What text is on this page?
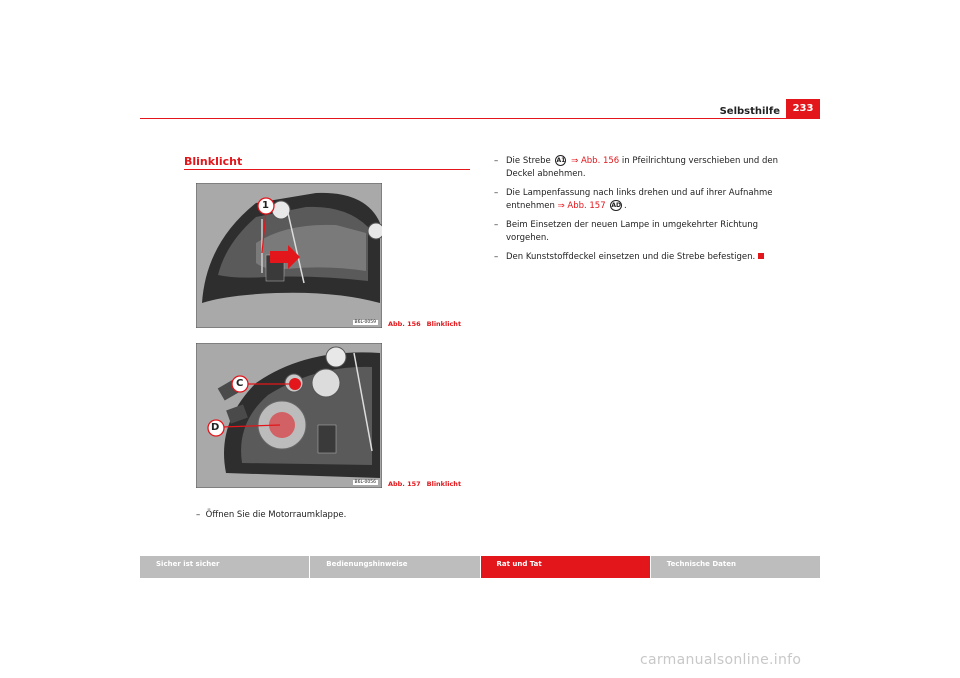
Selbsthilfe	233
Blinklicht
1
B6L-0059	Abb. 156 Blinklicht
C
D
B6L-0056	Abb. 157 Blinklicht
– Öffnen Sie die Motorraumklappe.
– Die Strebe A1 ⇒ Abb. 156 in Pfeilrichtung verschieben und den Deckel abnehmen.
– Die Lampenfassung nach links drehen und auf ihrer Aufnahme entnehmen ⇒ Abb. 157 AD .
– Beim Einsetzen der neuen Lampe in umgekehrter Richtung vorgehen.
– Den Kunststoffdeckel einsetzen und die Strebe befestigen.
Sicher ist sicher	Bedienungshinweise	Rat und Tat	Technische Daten
carmanualsonline.info
